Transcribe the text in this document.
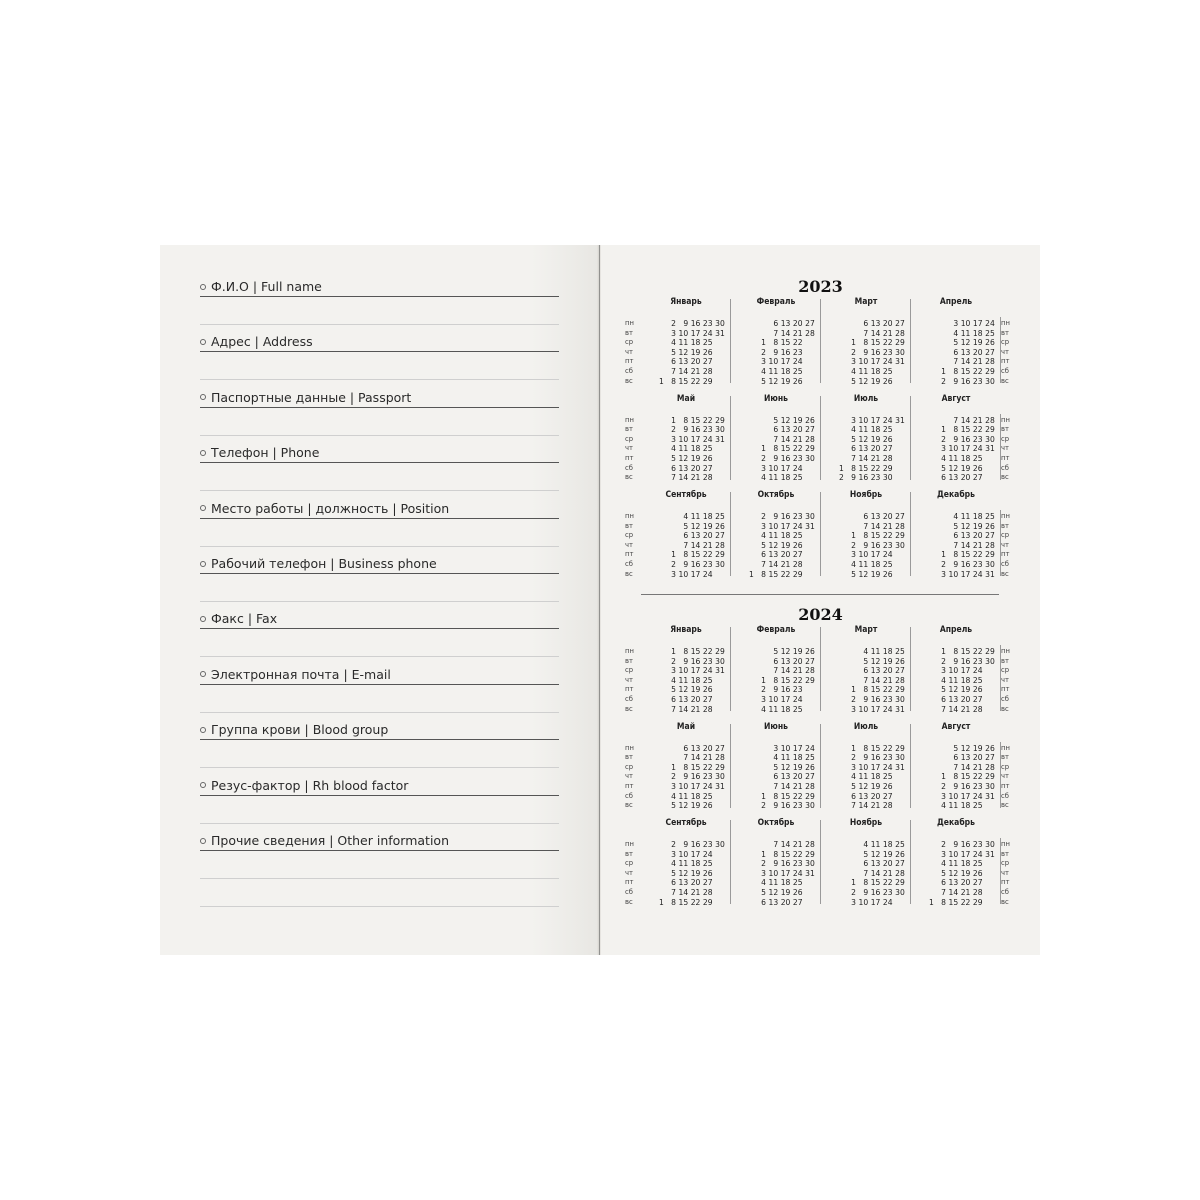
Ф.И.О | Full name
Адрес | Address
Паспортные данные | Passport
Телефон | Phone
Место работы | должность | Position
Рабочий телефон | Business phone
Факс | Fax
Электронная почта | E-mail
Группа крови | Blood group
Резус-фактор | Rh blood factor
Прочие сведения | Other information
2023
пн
вт
ср
чт
пт
сб
вс
пн
вт
ср
чт
пт
сб
вс
Январь
1
2
3
4
5
6
7
8
9
10
11
12
13
14
15
16
17
18
19
20
21
22
23
24
25
26
27
28
29
30
31
Февраль
1
2
3
4
5
6
7
8
9
10
11
12
13
14
15
16
17
18
19
20
21
22
23
24
25
26
27
28
Март
1
2
3
4
5
6
7
8
9
10
11
12
13
14
15
16
17
18
19
20
21
22
23
24
25
26
27
28
29
30
31
Апрель
1
2
3
4
5
6
7
8
9
10
11
12
13
14
15
16
17
18
19
20
21
22
23
24
25
26
27
28
29
30
пн
вт
ср
чт
пт
сб
вс
пн
вт
ср
чт
пт
сб
вс
Май
1
2
3
4
5
6
7
8
9
10
11
12
13
14
15
16
17
18
19
20
21
22
23
24
25
26
27
28
29
30
31
Июнь
1
2
3
4
5
6
7
8
9
10
11
12
13
14
15
16
17
18
19
20
21
22
23
24
25
26
27
28
29
30
Июль
1
2
3
4
5
6
7
8
9
10
11
12
13
14
15
16
17
18
19
20
21
22
23
24
25
26
27
28
29
30
31
Август
1
2
3
4
5
6
7
8
9
10
11
12
13
14
15
16
17
18
19
20
21
22
23
24
25
26
27
28
29
30
31
пн
вт
ср
чт
пт
сб
вс
пн
вт
ср
чт
пт
сб
вс
Сентябрь
1
2
3
4
5
6
7
8
9
10
11
12
13
14
15
16
17
18
19
20
21
22
23
24
25
26
27
28
29
30
Октябрь
1
2
3
4
5
6
7
8
9
10
11
12
13
14
15
16
17
18
19
20
21
22
23
24
25
26
27
28
29
30
31
Ноябрь
1
2
3
4
5
6
7
8
9
10
11
12
13
14
15
16
17
18
19
20
21
22
23
24
25
26
27
28
29
30
Декабрь
1
2
3
4
5
6
7
8
9
10
11
12
13
14
15
16
17
18
19
20
21
22
23
24
25
26
27
28
29
30
31
2024
пн
вт
ср
чт
пт
сб
вс
пн
вт
ср
чт
пт
сб
вс
Январь
1
2
3
4
5
6
7
8
9
10
11
12
13
14
15
16
17
18
19
20
21
22
23
24
25
26
27
28
29
30
31
Февраль
1
2
3
4
5
6
7
8
9
10
11
12
13
14
15
16
17
18
19
20
21
22
23
24
25
26
27
28
29
Март
1
2
3
4
5
6
7
8
9
10
11
12
13
14
15
16
17
18
19
20
21
22
23
24
25
26
27
28
29
30
31
Апрель
1
2
3
4
5
6
7
8
9
10
11
12
13
14
15
16
17
18
19
20
21
22
23
24
25
26
27
28
29
30
пн
вт
ср
чт
пт
сб
вс
пн
вт
ср
чт
пт
сб
вс
Май
1
2
3
4
5
6
7
8
9
10
11
12
13
14
15
16
17
18
19
20
21
22
23
24
25
26
27
28
29
30
31
Июнь
1
2
3
4
5
6
7
8
9
10
11
12
13
14
15
16
17
18
19
20
21
22
23
24
25
26
27
28
29
30
Июль
1
2
3
4
5
6
7
8
9
10
11
12
13
14
15
16
17
18
19
20
21
22
23
24
25
26
27
28
29
30
31
Август
1
2
3
4
5
6
7
8
9
10
11
12
13
14
15
16
17
18
19
20
21
22
23
24
25
26
27
28
29
30
31
пн
вт
ср
чт
пт
сб
вс
пн
вт
ср
чт
пт
сб
вс
Сентябрь
1
2
3
4
5
6
7
8
9
10
11
12
13
14
15
16
17
18
19
20
21
22
23
24
25
26
27
28
29
30
Октябрь
1
2
3
4
5
6
7
8
9
10
11
12
13
14
15
16
17
18
19
20
21
22
23
24
25
26
27
28
29
30
31
Ноябрь
1
2
3
4
5
6
7
8
9
10
11
12
13
14
15
16
17
18
19
20
21
22
23
24
25
26
27
28
29
30
Декабрь
1
2
3
4
5
6
7
8
9
10
11
12
13
14
15
16
17
18
19
20
21
22
23
24
25
26
27
28
29
30
31
